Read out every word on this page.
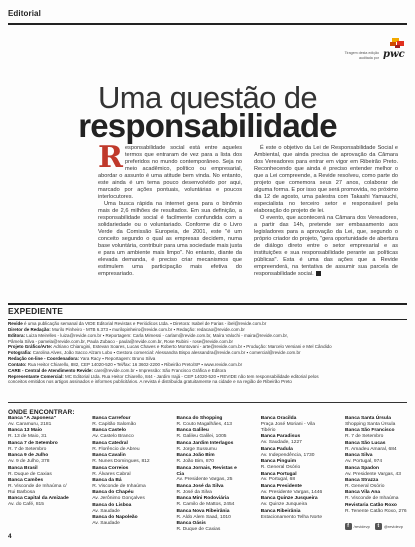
Editorial
Tiragem desta edição auditada por pwc
Uma questão de
responsabilidade

Responsabilidade social está entre aqueles termos que entraram de vez para a lista dos preferidos no mundo contemporâneo. Seja no meio acadêmico, político ou empresarial, abordar o assunto é uma atitude bem vinda. No entanto, este ainda é um tema pouco desenvolvido por aqui, marcado por ações pontuais, voluntárias e poucos interlocutores.

Uma busca rápida na internet gera para o binômio mais de 2,6 milhões de resultados. Em sua definição, a responsabilidade social é facilmente confundida com a solidariedade ou o voluntariado. Conforme diz o Livro Verde da Comissão Europeia, de 2001, este "é um conceito segundo o qual as empresas decidem, numa base voluntária, contribuir para uma sociedade mais justa e para um ambiente mais limpo". No entanto, diante da elevada demanda, é preciso criar mecanismos que estimulem uma participação mais efetiva do empresariado.

É este o objetivo da Lei de Responsabilidade Social e Ambiental, que ainda precisa de aprovação da Câmara dos Vereadores para entrar em vigor em Ribeirão Preto. Reconhecendo que ainda é preciso entender melhor o que a Lei compreende, a Revide resolveu, como parte do projeto que comemora seus 27 anos, colaborar de alguma forma. E por isso que será promovida, no próximo dia 12 de agosto, uma palestra com Takashi Yamauchi, especialista no terceiro setor e responsável pela elaboração do projeto de lei.

O evento, que acontecerá na Câmara dos Vereadores, a partir das 14h, pretende ser embasamento aos legisladores para a aprovação da Lei, que, segundo o próprio criador do projeto, "gera oportunidade de abertura de diálogo direto entre o setor empresarial e as instituições e sua responsabilidade perante as políticas públicas". Esta é uma das ações que a Revide empreenderá, na tentativa de assumir sua parcela de responsabilidade social.

EXPEDIENTE
Revide é uma publicação semanal da VIDE Editorial Revistas e Periódicos Ltda. ▪ Diretora: Isabel de Farias - ibel@revide.com.br
Diretor de Redação: Murilo Pinheiro - MTB 6.373 ▪ murilopinheiro@revide.com.br ▪ Redação: redacao@revide.com.br
Editora: Luiza Meirelles - luiza@revide.com.br ▪ Reportagem: Carla Mimessi - carlam@revide.com.br, Maíra Valochi - maira@revide.com.br,
Pâmela Silva - pamela@revide.com.br, Paula Zubaco - paula@revide.com.br, Rose Rubini - rose@revide.com.br
Projeto Gráfico/Arte: Adriano Chiarugini, Estevan Soares, Lucas Chaves e Roberto Montovani - arte@revide.com.br ▪ Produção: Marcelo Versiani e Mel Cândido
Fotografia: Carolina Alves, João Sacco Alzam Lobo ▪ Gestora comercial: Alessandra Bispo alessandra@revide.com.br ▪ comercial@revide.com.br
Redação on-line - Coordenadora: Yara Racy ▪ Reportagem: Bruno Silva
Contato: Rua Heitor Chiarello, 882, CEP 14020-520 ▪ Tel/fax: 16 3602-2200 ▪ Ribeirão Preto/SP ▪ www.revide.com.br
CARE - Central de Atendimento Revide: care@revide.com.br ▪ Impressão: São Francisco Gráfica e Editora
Representante Comercial: MC Editorial Ltda. Rua Heitor Chiarello, 844 - Jardim Irajá - CEP 14020-520 ▪ REVIDE não tem responsabilidade editorial pelos
conceitos emitidos nos artigos assinados e informes publicitários. A revista é distribuída gratuitamente na cidade e na região de Ribeirão Preto
ONDE ENCONTRAR:
Banca "A Japonesa"
Av. Caramuru, 2181
Banca 13 Maio
R. 13 de Maio, 31
Banca 7 de Setembro
R. 7 de Setembro
Banca 9 de Julho
Av. 9 de Julho, 378
Banca Brasil
R. Duque de Caxias
Banca Camões
R. Visconde de Inhaúma c/ Rui Barbosa
Banca Capital da Amizade
Av. do Café, 815
Banca Carrefour
R. Capitão Salomão
Banca Castelo
Av. Castelo Branco
Banca Catedral
R. Florêncio de Abreu
Banca Cavalin
R. Nunes Domingues, 812
Banca Correios
R. Álvares Cabral
Banca da Bá
R. Visconde de Inhaúma
Banca do Chapéu
Av. Jerônimo Gonçalves
Banca do Lisboa
Av. Saudade
Banca do Napoleão
Av. Saudade
Banca do Shopping
R. Couto Magalhães, 413
Banca Galileu
R. Galileu Galilei, 1005
Banca Jardim Interlagos
R. Jorge Sussumu
Banca João Bim
R. João Bim, 870
Banca Jornais, Revistas e Cia
Av. Presidente Vargas, 25
Banca José da Silva
R. José da Silva
Banca Mini Rodoviária
R. Camilo de Mattos, 2454
Banca Nova Ribeirânia
R. Aldo Alem Saad, 1010
Banca Oásis
R. Duque de Caxias
Banca Oracilda
Praça José Moriani - Vila Tibério
Banca Paradisus
Av. Saudade, 1227
Banca Padula
Av. Independência, 1730
Banca Pinguim
R. General Osório
Banca Portugal
Av. Portugal, 68
Banca Presidente
Av. Presidente Vargas, 1446
Banca Quinze Jusqueira
Av. Quinze Junqueira
Banca Ribeirânia
Estacionamento Telha Norte
Banca Santa Úrsula
Shopping Santa Úrsula
Banca São Francisco
R. 7 de Setembro
Banca São Lucas
R. Amadeu Amaral, 684
Banca Silva
Av. Portugal, 974
Banca Spadon
Av. Presidente Vargas, 43
Banca Strazza
R. General Osório
Banca Vila Ana
R. Visconde de Inhaúma
Revistaria Catão Roxo
R. Tenente Catão Roxo, 276
f	/revidevp	t	@revidevp
4
